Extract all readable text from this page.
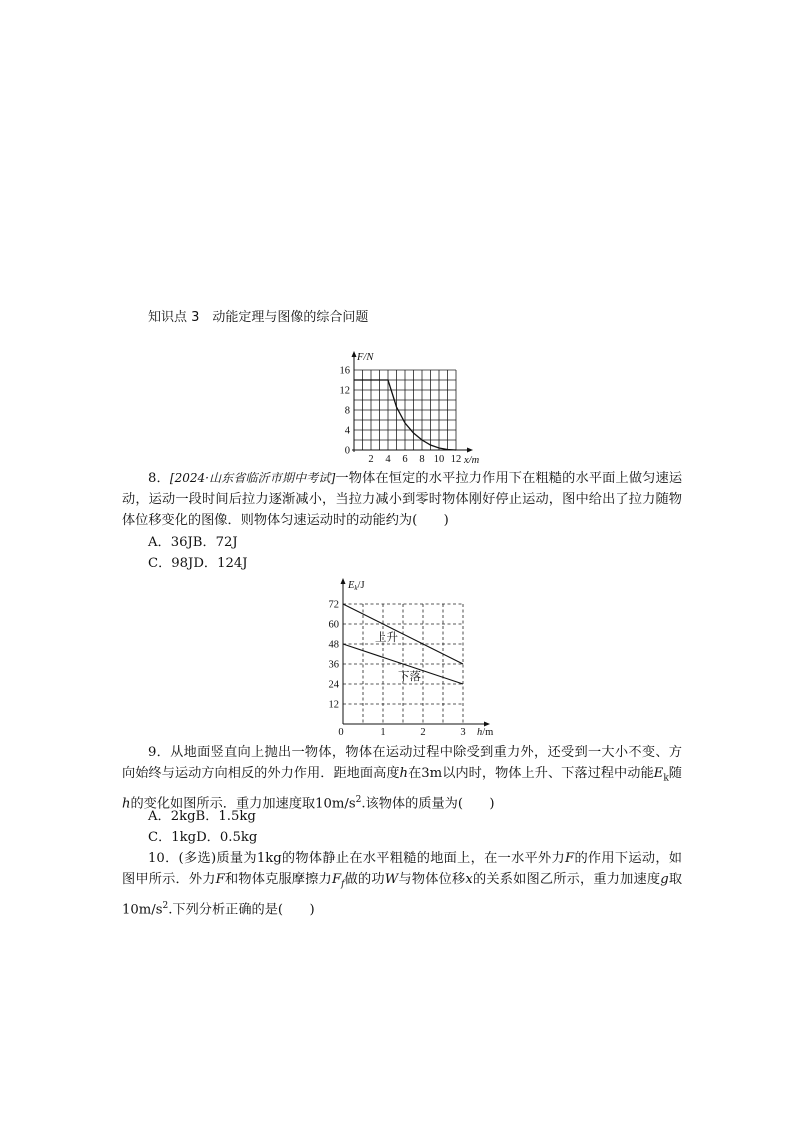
知识点 3　 动能定理与图像的综合问题
2 4 6 8 10 12
0
4
8
12
16
F/N
x/m
8．[2024·山东省临沂市期中考试]一物体在恒定的水平拉力作用下在粗糙的水平面上做匀速运动，运动一段时间后拉力逐渐减小，当拉力减小到零时物体刚好停止运动，图中给出了拉力随物体位移变化的图像．则物体匀速运动时的动能约为(　　)
A．36JB．72J
C．98JD．124J
上升
下落
0	1	2	3
12
24
36
48
60
72
Ek/J
h/m
9．从地面竖直向上抛出一物体，物体在运动过程中除受到重力外，还受到一大小不变、方向始终与运动方向相反的外力作用．距地面高度h在3m以内时，物体上升、下落过程中动能$E_k$随h的变化如图所示．重力加速度取$10m/s^2$.该物体的质量为(　　)
A．2kgB．1.5kg
C．1kgD．0.5kg
10．(多选)质量为1kg的物体静止在水平粗糙的地面上，在一水平外力F的作用下运动，如图甲所示．外力F和物体克服摩擦力$F_f$做的功W与物体位移x的关系如图乙所示，重力加速度g取$10m/s^2$.下列分析正确的是(　　)
